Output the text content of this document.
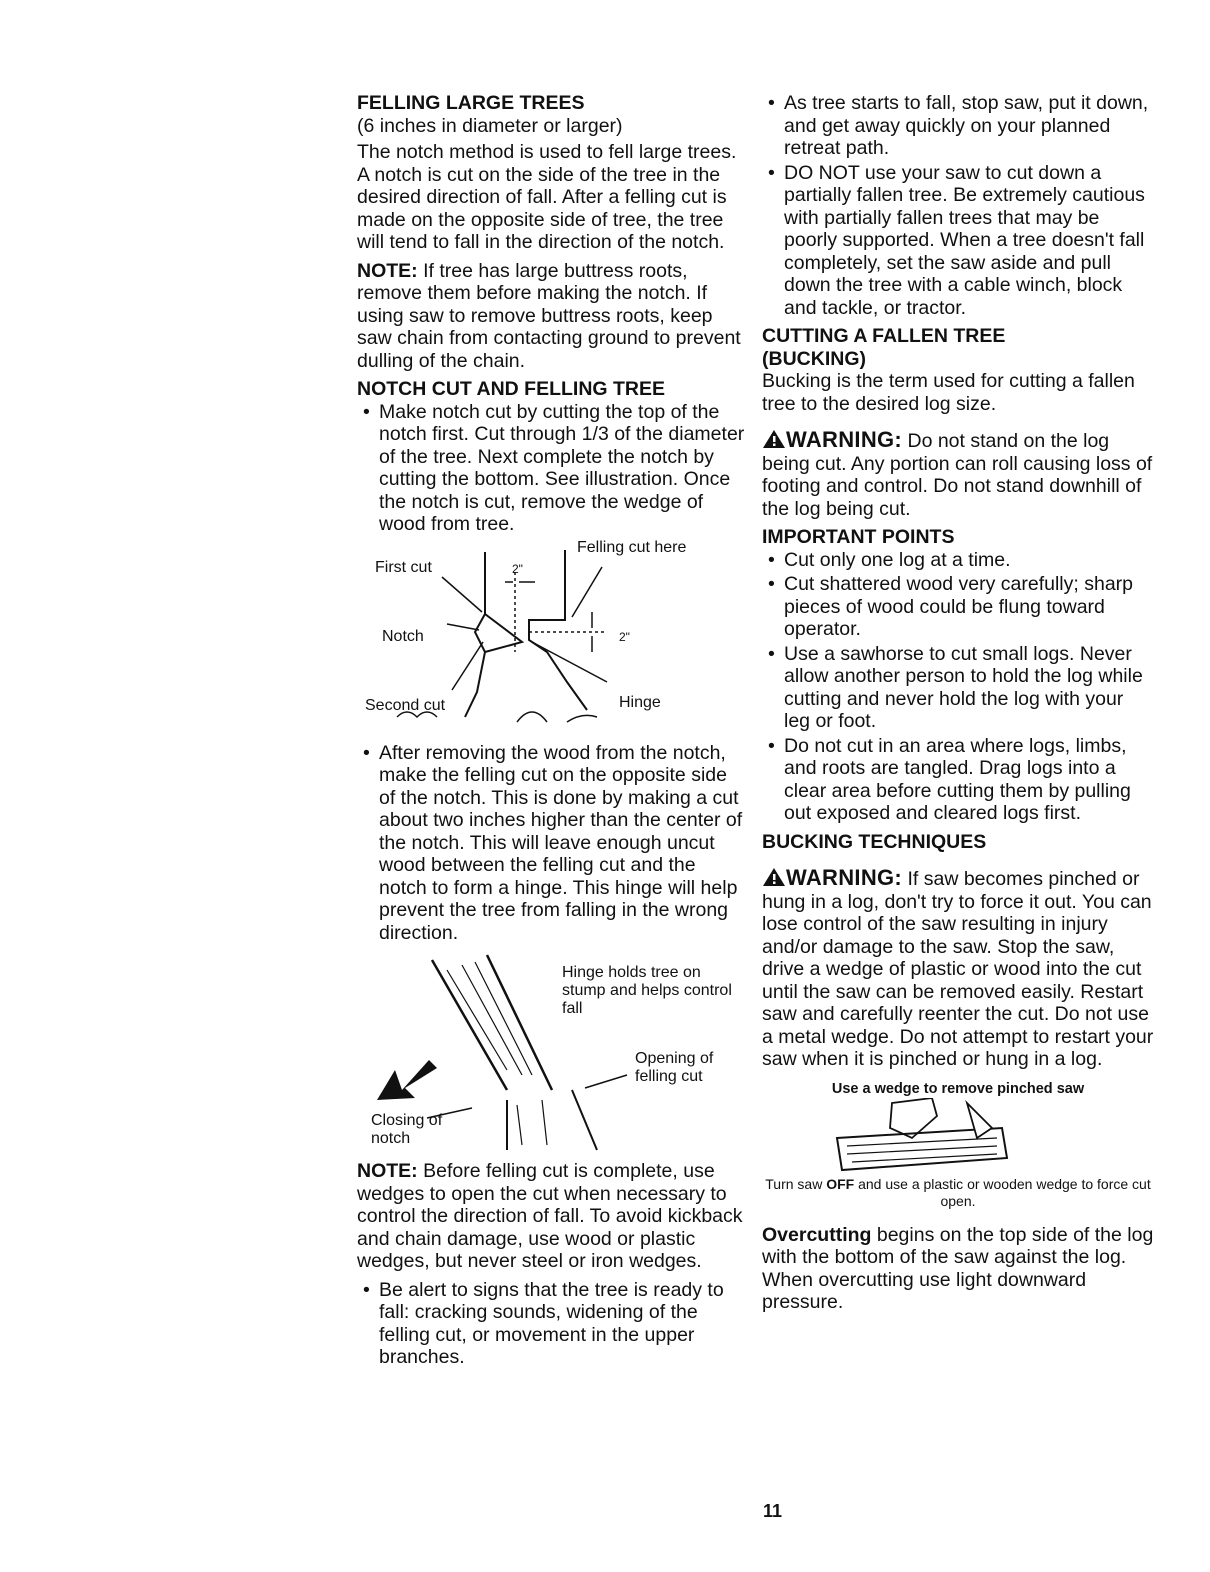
FELLING LARGE TREES
(6 inches in diameter or larger)

The notch method is used to fell large trees. A notch is cut on the side of the tree in the desired direction of fall. After a felling cut is made on the opposite side of tree, the tree will tend to fall in the direction of the notch.

NOTE: If tree has large buttress roots, remove them before making the notch. If using saw to remove buttress roots, keep saw chain from contacting ground to prevent dulling of the chain.

NOTCH CUT AND FELLING TREE
• Make notch cut by cutting the top of the notch first. Cut through 1/3 of the diameter of the tree. Next complete the notch by cutting the bottom. See illustration. Once the notch is cut, remove the wedge of wood from tree.
Felling cut here
First cut	2"
Notch	2"
Second cut	Hinge
• After removing the wood from the notch, make the felling cut on the opposite side of the notch. This is done by making a cut about two inches higher than the center of the notch. This will leave enough uncut wood between the felling cut and the notch to form a hinge. This hinge will help prevent the tree from falling in the wrong direction.
Hinge holds tree on stump and helps control fall
Opening of felling cut
Closing of notch

NOTE: Before felling cut is complete, use wedges to open the cut when necessary to control the direction of fall. To avoid kickback and chain damage, use wood or plastic wedges, but never steel or iron wedges.

• Be alert to signs that the tree is ready to fall: cracking sounds, widening of the felling cut, or movement in the upper branches.
• As tree starts to fall, stop saw, put it down, and get away quickly on your planned retreat path.
• DO NOT use your saw to cut down a partially fallen tree. Be extremely cautious with partially fallen trees that may be poorly supported. When a tree doesn't fall completely, set the saw aside and pull down the tree with a cable winch, block and tackle, or tractor.
CUTTING A FALLEN TREE
(BUCKING)

Bucking is the term used for cutting a fallen tree to the desired log size.

WARNING: Do not stand on the log being cut. Any portion can roll causing loss of footing and control. Do not stand downhill of the log being cut.

IMPORTANT POINTS
• Cut only one log at a time.
• Cut shattered wood very carefully; sharp pieces of wood could be flung toward operator.
• Use a sawhorse to cut small logs. Never allow another person to hold the log while cutting and never hold the log with your leg or foot.
• Do not cut in an area where logs, limbs, and roots are tangled. Drag logs into a clear area before cutting them by pulling out exposed and cleared logs first.
BUCKING TECHNIQUES

WARNING: If saw becomes pinched or hung in a log, don't try to force it out. You can lose control of the saw resulting in injury and/or damage to the saw. Stop the saw, drive a wedge of plastic or wood into the cut until the saw can be removed easily. Restart saw and carefully reenter the cut. Do not use a metal wedge. Do not attempt to restart your saw when it is pinched or hung in a log.

Use a wedge to remove pinched saw
Turn saw OFF and use a plastic or wooden wedge to force cut open.

Overcutting begins on the top side of the log with the bottom of the saw against the log. When overcutting use light downward pressure.

11
